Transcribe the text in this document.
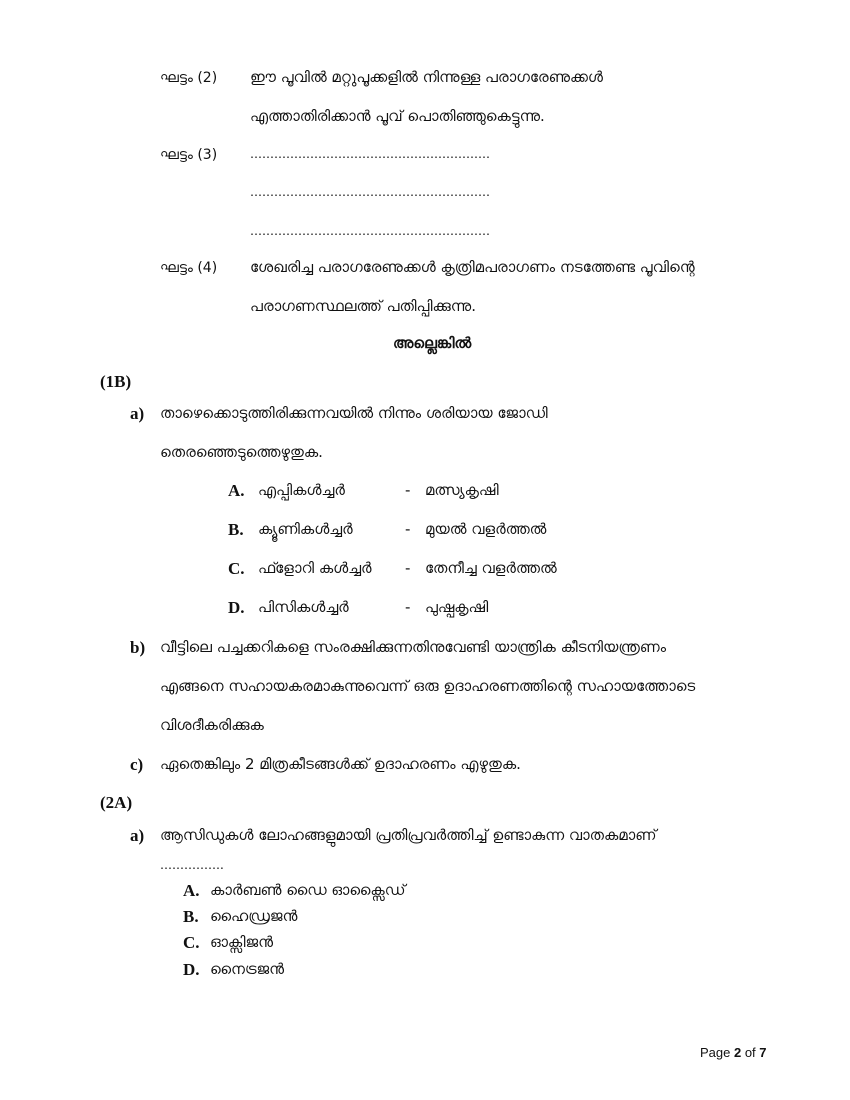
ഘട്ടം (2) ഈ പൂവിൽ മറ്റുപൂക്കളിൽ നിന്നുള്ള പരാഗരേണുക്കൾ
എത്താതിരിക്കാൻ പൂവ് പൊതിഞ്ഞുകെട്ടുന്നു.
ഘട്ടം (3)	……………………………………………………
……………………………………………………
……………………………………………………
ഘട്ടം (4) ശേഖരിച്ച പരാഗരേണുക്കൾ കൃത്രിമപരാഗണം നടത്തേണ്ട പൂവിന്റെ
പരാഗണസ്ഥലത്ത് പതിപ്പിക്കുന്നു.
അല്ലെങ്കിൽ
(1B)
a) താഴെക്കൊടുത്തിരിക്കുന്നവയിൽ നിന്നും ശരിയായ ജോഡി
തെരഞ്ഞെടുത്തെഴുതുക.
A. എപ്പികൾച്ചർ	- മത്സ്യകൃഷി
B. ക്യൂണികൾച്ചർ	- മുയൽ വളർത്തൽ
C. ഫ്ളോറി കൾച്ചർ - തേനീച്ച വളർത്തൽ
D. പിസികൾച്ചർ	- പുഷ്പകൃഷി
b) വീട്ടിലെ പച്ചക്കറികളെ സംരക്ഷിക്കുന്നതിനുവേണ്ടി യാന്ത്രിക കീടനിയന്ത്രണം
എങ്ങനെ സഹായകരമാകുന്നുവെന്ന് ഒരു ഉദാഹരണത്തിന്റെ സഹായത്തോടെ
വിശദീകരിക്കുക
c) ഏതെങ്കിലും 2 മിത്രകീടങ്ങൾക്ക് ഉദാഹരണം എഴുതുക.
(2A)
a) ആസിഡുകൾ ലോഹങ്ങളുമായി പ്രതിപ്രവർത്തിച്ച് ഉണ്ടാകുന്ന വാതകമാണ്
…………….
A. കാർബൺ ഡൈ ഓക്സൈഡ്
B. ഹൈഡ്രജൻ
C. ഓക്സിജൻ
D. നൈട്രജൻ
Page 2 of 7
